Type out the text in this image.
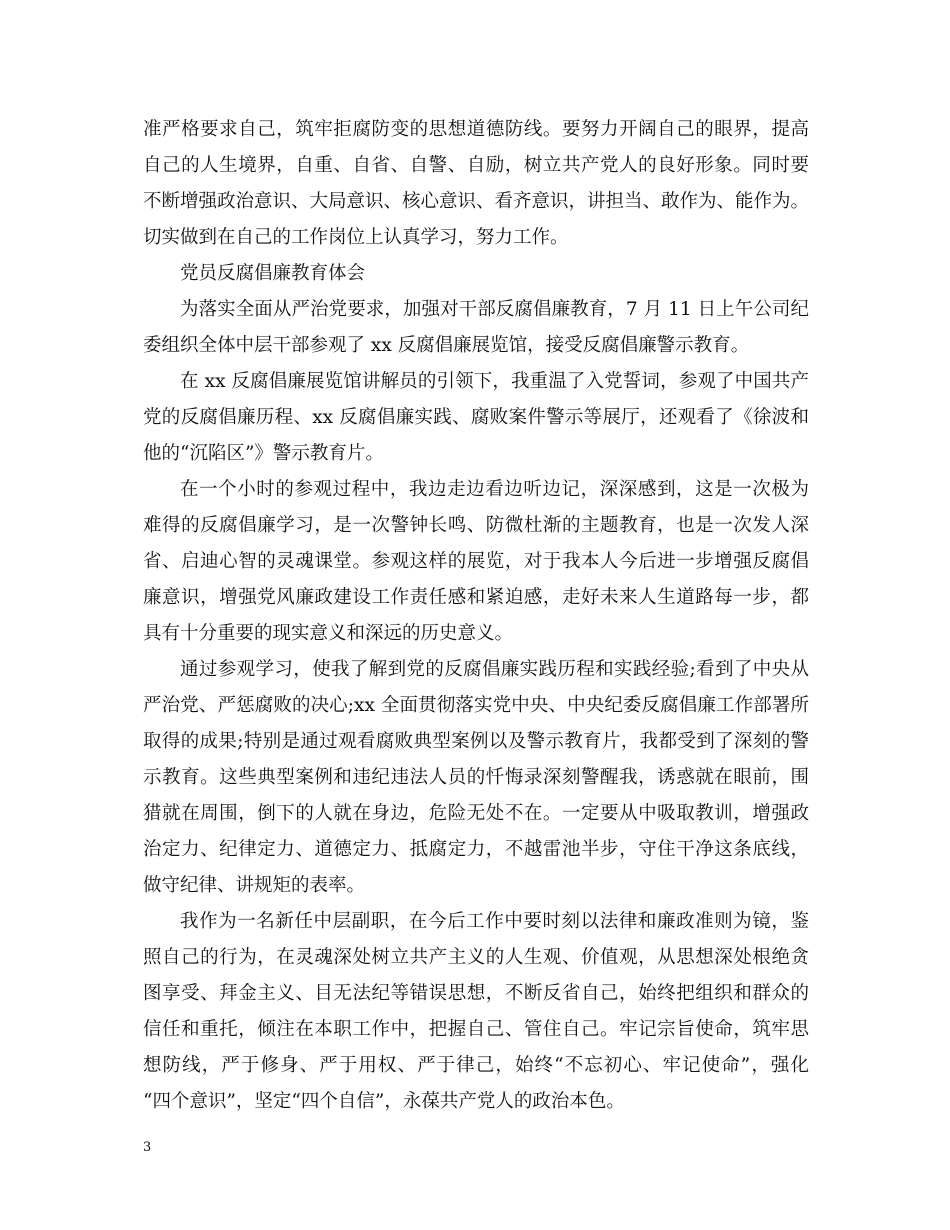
准严格要求自己，筑牢拒腐防变的思想道德防线。要努力开阔自己的眼界，提高
自己的人生境界，自重、自省、自警、自励，树立共产党人的良好形象。同时要
不断增强政治意识、大局意识、核心意识、看齐意识，讲担当、敢作为、能作为。
切实做到在自己的工作岗位上认真学习，努力工作。
党员反腐倡廉教育体会
为落实全面从严治党要求，加强对干部反腐倡廉教育，7 月 11 日上午公司纪
委组织全体中层干部参观了 xx 反腐倡廉展览馆，接受反腐倡廉警示教育。
在 xx 反腐倡廉展览馆讲解员的引领下，我重温了入党誓词，参观了中国共产
党的反腐倡廉历程、xx 反腐倡廉实践、腐败案件警示等展厅，还观看了《徐波和
他的“沉陷区”》警示教育片。
在一个小时的参观过程中，我边走边看边听边记，深深感到，这是一次极为
难得的反腐倡廉学习，是一次警钟长鸣、防微杜渐的主题教育，也是一次发人深
省、启迪心智的灵魂课堂。参观这样的展览，对于我本人今后进一步增强反腐倡
廉意识，增强党风廉政建设工作责任感和紧迫感，走好未来人生道路每一步，都
具有十分重要的现实意义和深远的历史意义。
通过参观学习，使我了解到党的反腐倡廉实践历程和实践经验;看到了中央从
严治党、严惩腐败的决心;xx 全面贯彻落实党中央、中央纪委反腐倡廉工作部署所
取得的成果;特别是通过观看腐败典型案例以及警示教育片，我都受到了深刻的警
示教育。这些典型案例和违纪违法人员的忏悔录深刻警醒我，诱惑就在眼前，围
猎就在周围，倒下的人就在身边，危险无处不在。一定要从中吸取教训，增强政
治定力、纪律定力、道德定力、抵腐定力，不越雷池半步，守住干净这条底线，
做守纪律、讲规矩的表率。
我作为一名新任中层副职，在今后工作中要时刻以法律和廉政准则为镜，鉴
照自己的行为，在灵魂深处树立共产主义的人生观、价值观，从思想深处根绝贪
图享受、拜金主义、目无法纪等错误思想，不断反省自己，始终把组织和群众的
信任和重托，倾注在本职工作中，把握自己、管住自己。牢记宗旨使命，筑牢思
想防线，严于修身、严于用权、严于律己，始终“不忘初心、牢记使命”，强化
“四个意识”，坚定“四个自信”，永葆共产党人的政治本色。
3
